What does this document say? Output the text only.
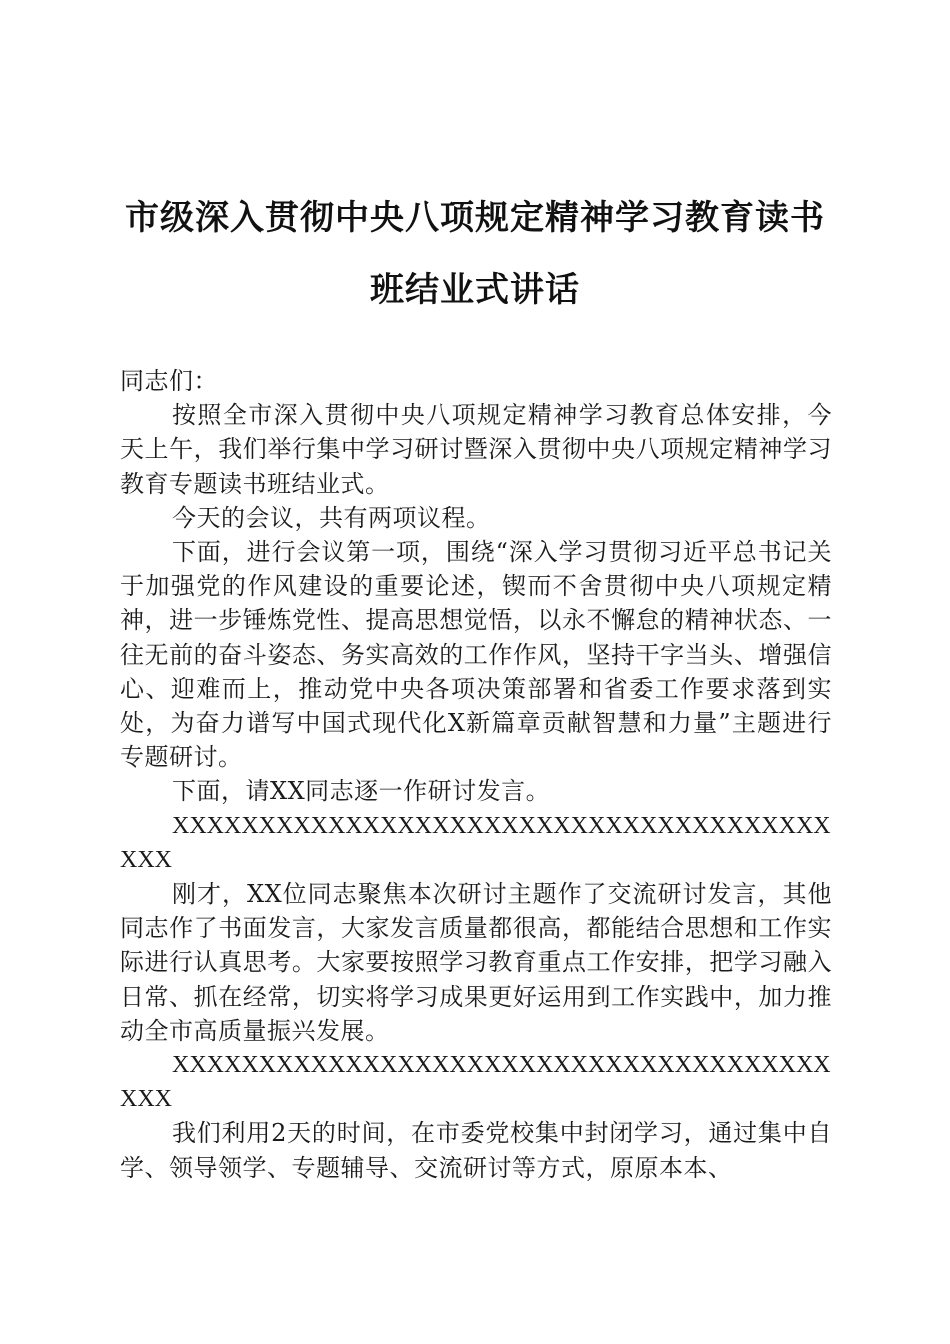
市级深入贯彻中央八项规定精神学习教育读书
班结业式讲话

同志们：

按照全市深入贯彻中央八项规定精神学习教育总体安排，今天上午，我们举行集中学习研讨暨深入贯彻中央八项规定精神学习教育专题读书班结业式。

今天的会议，共有两项议程。

下面，进行会议第一项，围绕“深入学习贯彻习近平总书记关于加强党的作风建设的重要论述，锲而不舍贯彻中央八项规定精神，进一步锤炼党性、提高思想觉悟，以永不懈怠的精神状态、一往无前的奋斗姿态、务实高效的工作作风，坚持干字当头、增强信心、迎难而上，推动党中央各项决策部署和省委工作要求落到实处，为奋力谱写中国式现代化X新篇章贡献智慧和力量”主题进行专题研讨。

下面，请XX同志逐一作研讨发言。

XXXXXXXXXXXXXXXXXXXXXXXXXXXXXXXXXXXXXXXXX

刚才，XX位同志聚焦本次研讨主题作了交流研讨发言，其他同志作了书面发言，大家发言质量都很高，都能结合思想和工作实际进行认真思考。大家要按照学习教育重点工作安排，把学习融入日常、抓在经常，切实将学习成果更好运用到工作实践中，加力推动全市高质量振兴发展。

XXXXXXXXXXXXXXXXXXXXXXXXXXXXXXXXXXXXXXXXX

我们利用2天的时间，在市委党校集中封闭学习，通过集中自学、领导领学、专题辅导、交流研讨等方式，原原本本、
